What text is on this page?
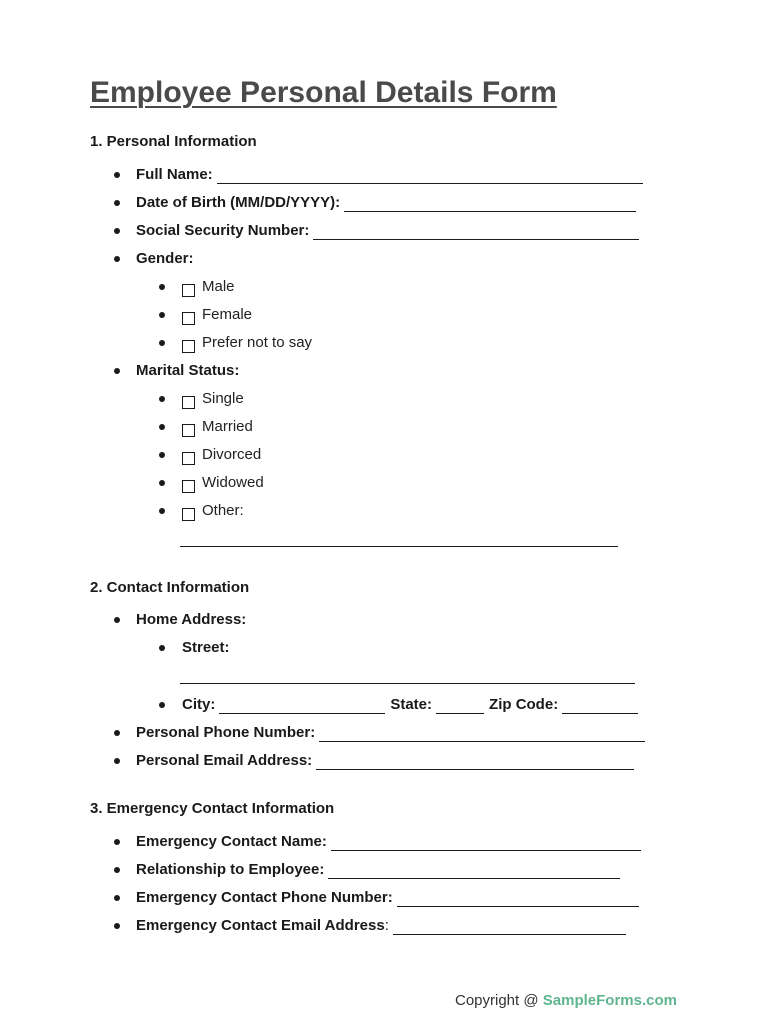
Employee Personal Details Form
1. Personal Information
Full Name:
Date of Birth (MM/DD/YYYY):
Social Security Number:
Gender:
Male
Female
Prefer not to say
Marital Status:
Single
Married
Divorced
Widowed
Other:
2. Contact Information
Home Address:
Street:
City:	State:	Zip Code:
Personal Phone Number:
Personal Email Address:
3. Emergency Contact Information
Emergency Contact Name:
Relationship to Employee:
Emergency Contact Phone Number:
Emergency Contact Email Address :
Copyright @ SampleForms.com
